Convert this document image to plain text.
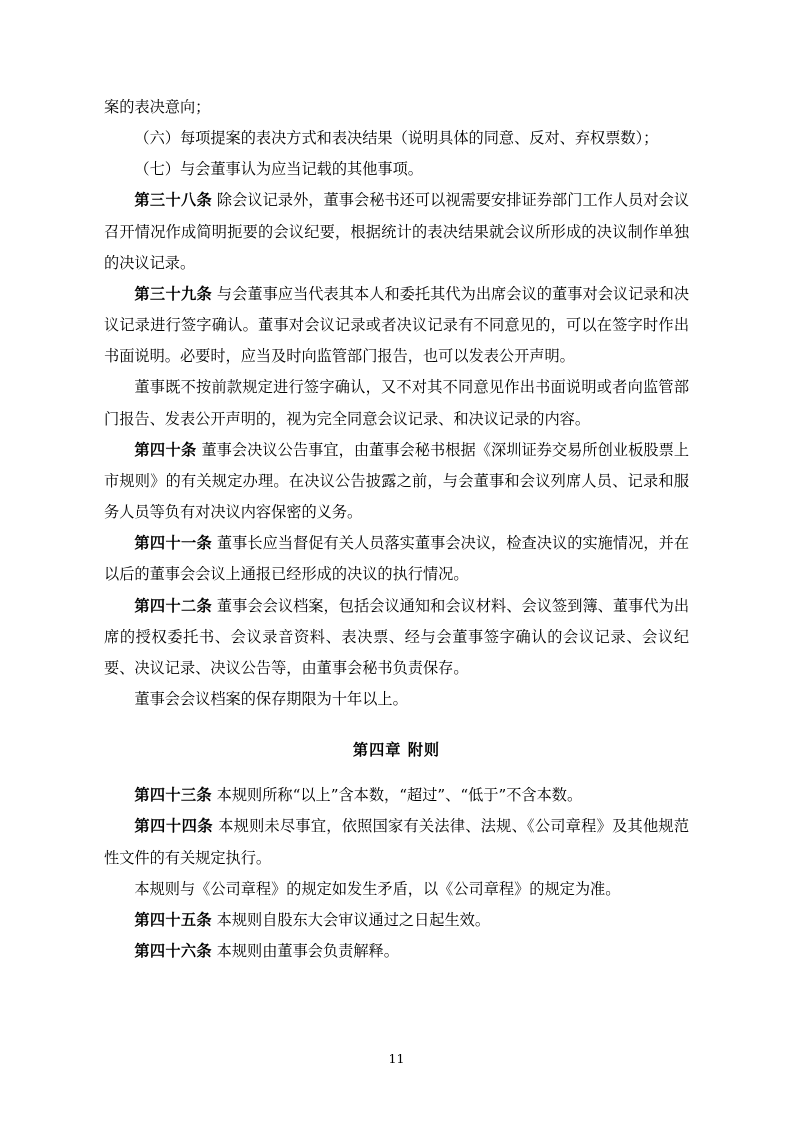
案的表决意向；

（六）每项提案的表决方式和表决结果（说明具体的同意、反对、弃权票数）；

（七）与会董事认为应当记载的其他事项。

第三十八条 除会议记录外，董事会秘书还可以视需要安排证券部门工作人员对会议召开情况作成简明扼要的会议纪要，根据统计的表决结果就会议所形成的决议制作单独的决议记录。

第三十九条 与会董事应当代表其本人和委托其代为出席会议的董事对会议记录和决议记录进行签字确认。董事对会议记录或者决议记录有不同意见的，可以在签字时作出书面说明。必要时，应当及时向监管部门报告，也可以发表公开声明。

董事既不按前款规定进行签字确认，又不对其不同意见作出书面说明或者向监管部门报告、发表公开声明的，视为完全同意会议记录、和决议记录的内容。

第四十条 董事会决议公告事宜，由董事会秘书根据《深圳证券交易所创业板股票上市规则》的有关规定办理。在决议公告披露之前，与会董事和会议列席人员、记录和服务人员等负有对决议内容保密的义务。

第四十一条 董事长应当督促有关人员落实董事会决议，检查决议的实施情况，并在以后的董事会会议上通报已经形成的决议的执行情况。

第四十二条 董事会会议档案，包括会议通知和会议材料、会议签到簿、董事代为出席的授权委托书、会议录音资料、表决票、经与会董事签字确认的会议记录、会议纪要、决议记录、决议公告等，由董事会秘书负责保存。

董事会会议档案的保存期限为十年以上。

第四章 附则

第四十三条 本规则所称“以上”含本数，“超过”、“低于”不含本数。

第四十四条 本规则未尽事宜，依照国家有关法律、法规、《公司章程》及其他规范性文件的有关规定执行。

本规则与《公司章程》的规定如发生矛盾，以《公司章程》的规定为准。

第四十五条 本规则自股东大会审议通过之日起生效。

第四十六条 本规则由董事会负责解释。

11
